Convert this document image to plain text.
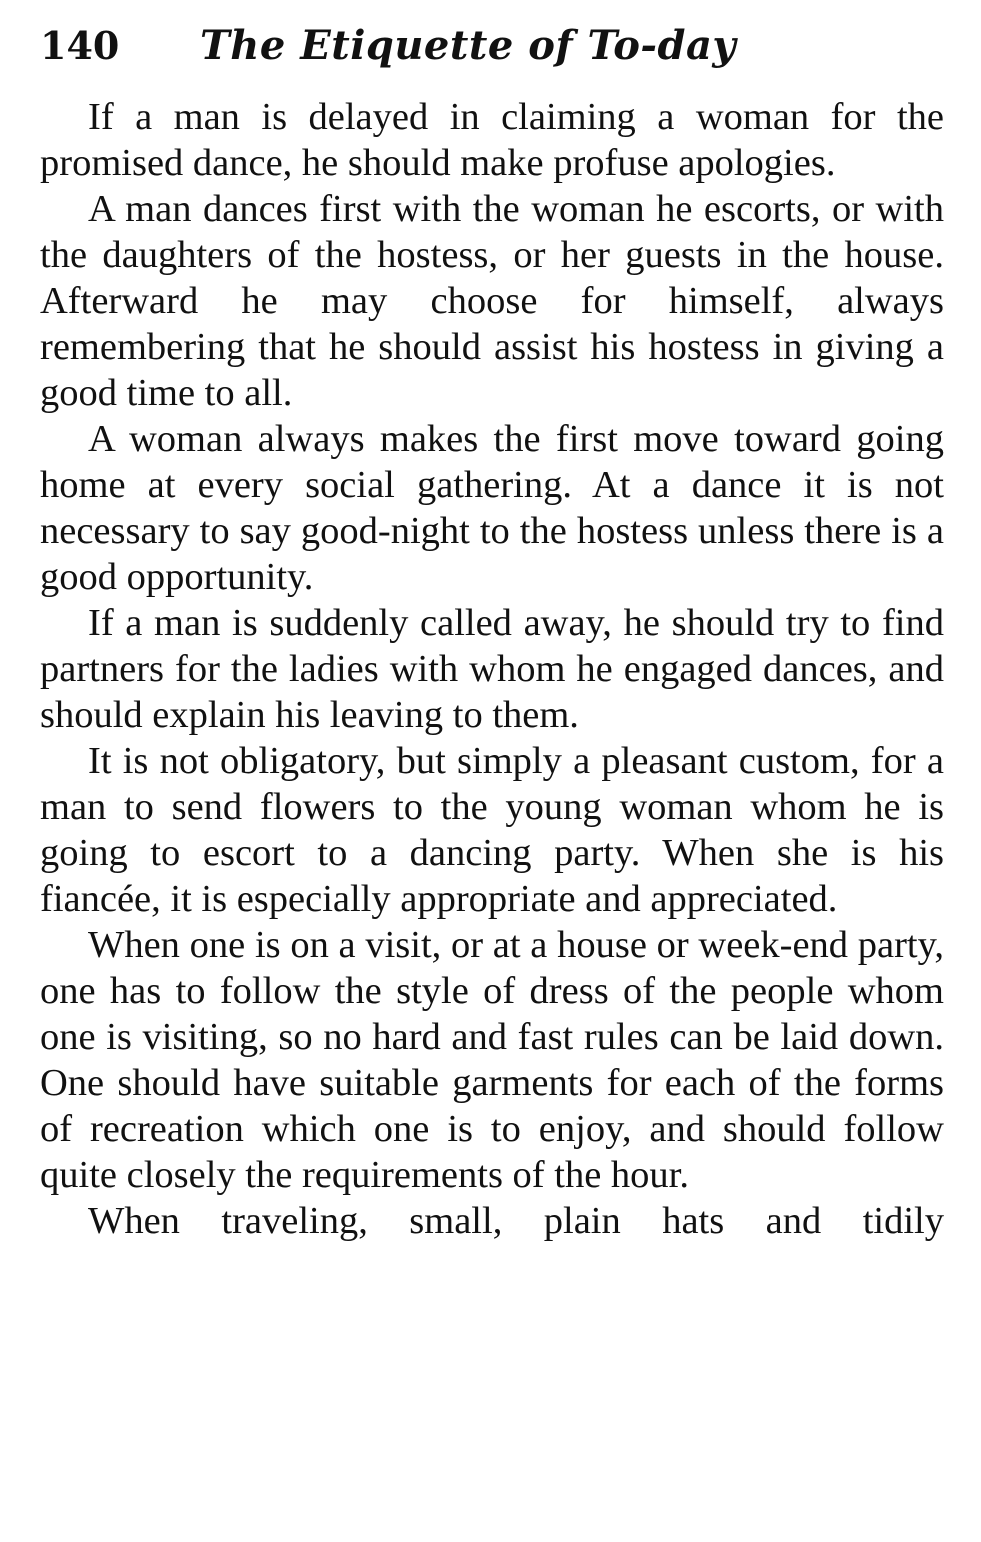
140	The Etiquette of To-day

If a man is delayed in claiming a woman for the promised dance, he should make profuse apologies.

A man dances first with the woman he escorts, or with the daughters of the hostess, or her guests in the house. Afterward he may choose for himself, always remembering that he should assist his hostess in giving a good time to all.

A woman always makes the first move toward going home at every social gathering. At a dance it is not necessary to say good-night to the hostess unless there is a good opportunity.

If a man is suddenly called away, he should try to find partners for the ladies with whom he engaged dances, and should explain his leaving to them.

It is not obligatory, but simply a pleasant custom, for a man to send flowers to the young woman whom he is going to escort to a dancing party. When she is his fiancée, it is especially appropriate and appreciated.

When one is on a visit, or at a house or week-end party, one has to follow the style of dress of the people whom one is visiting, so no hard and fast rules can be laid down. One should have suitable garments for each of the forms of recreation which one is to enjoy, and should follow quite closely the requirements of the hour.

When traveling, small, plain hats and tidily
